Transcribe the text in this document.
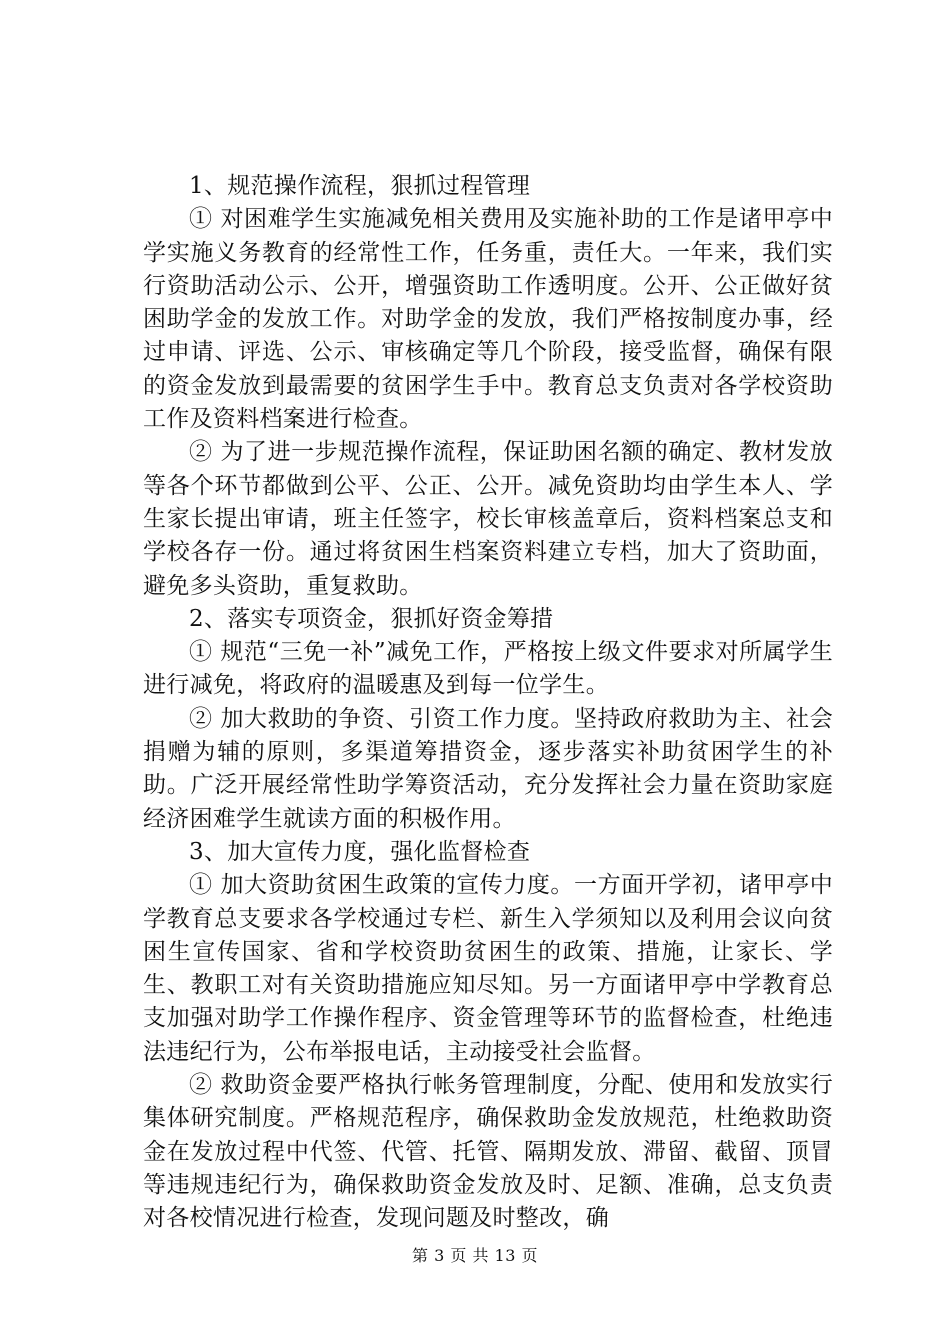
1、规范操作流程，狠抓过程管理

① 对困难学生实施减免相关费用及实施补助的工作是诸甲亭中学实施义务教育的经常性工作，任务重，责任大。一年来，我们实行资助活动公示、公开，增强资助工作透明度。公开、公正做好贫困助学金的发放工作。对助学金的发放，我们严格按制度办事，经过申请、评选、公示、审核确定等几个阶段，接受监督，确保有限的资金发放到最需要的贫困学生手中。教育总支负责对各学校资助工作及资料档案进行检查。

② 为了进一步规范操作流程，保证助困名额的确定、教材发放等各个环节都做到公平、公正、公开。减免资助均由学生本人、学生家长提出审请，班主任签字，校长审核盖章后，资料档案总支和学校各存一份。通过将贫困生档案资料建立专档，加大了资助面，避免多头资助，重复救助。

2、落实专项资金，狠抓好资金筹措

① 规范“三免一补”减免工作，严格按上级文件要求对所属学生进行减免，将政府的温暖惠及到每一位学生。

② 加大救助的争资、引资工作力度。坚持政府救助为主、社会捐赠为辅的原则，多渠道筹措资金，逐步落实补助贫困学生的补助。广泛开展经常性助学筹资活动，充分发挥社会力量在资助家庭经济困难学生就读方面的积极作用。

3、加大宣传力度，强化监督检查

① 加大资助贫困生政策的宣传力度。一方面开学初，诸甲亭中学教育总支要求各学校通过专栏、新生入学须知以及利用会议向贫困生宣传国家、省和学校资助贫困生的政策、措施，让家长、学生、教职工对有关资助措施应知尽知。另一方面诸甲亭中学教育总支加强对助学工作操作程序、资金管理等环节的监督检查，杜绝违法违纪行为，公布举报电话，主动接受社会监督。

② 救助资金要严格执行帐务管理制度，分配、使用和发放实行集体研究制度。严格规范程序，确保救助金发放规范，杜绝救助资金在发放过程中代签、代管、托管、隔期发放、滞留、截留、顶冒等违规违纪行为，确保救助资金发放及时、足额、准确，总支负责对各校情况进行检查，发现问题及时整改，确

第 3 页 共 13 页
